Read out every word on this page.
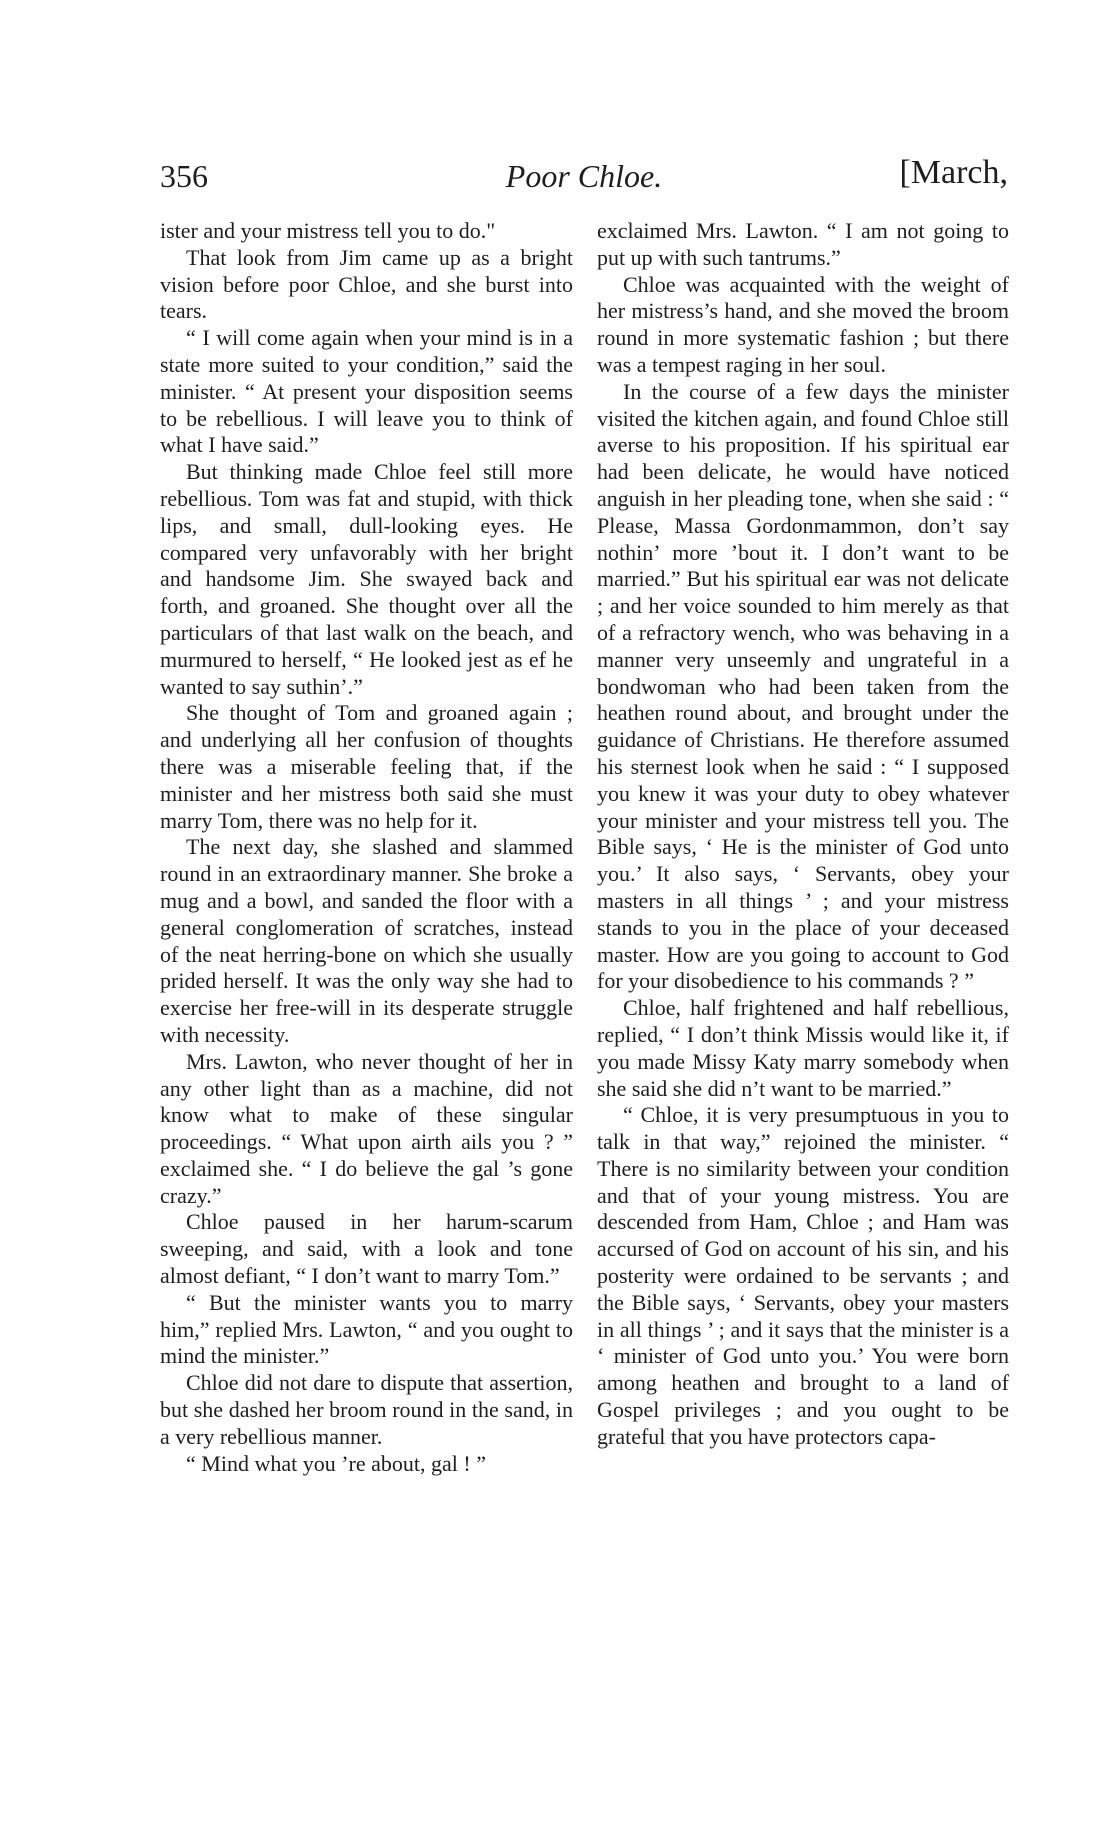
356	Poor Chloe.	[March,

ister and your mistress tell you to do."

That look from Jim came up as a bright vision before poor Chloe, and she burst into tears.

“ I will come again when your mind is in a state more suited to your condition,” said the minister. “ At present your disposition seems to be rebellious. I will leave you to think of what I have said.”

But thinking made Chloe feel still more rebellious. Tom was fat and stupid, with thick lips, and small, dull-looking eyes. He compared very unfavorably with her bright and handsome Jim. She swayed back and forth, and groaned. She thought over all the particulars of that last walk on the beach, and murmured to herself, “ He looked jest as ef he wanted to say suthin’.”

She thought of Tom and groaned again ; and underlying all her confusion of thoughts there was a miserable feeling that, if the minister and her mistress both said she must marry Tom, there was no help for it.

The next day, she slashed and slammed round in an extraordinary manner. She broke a mug and a bowl, and sanded the floor with a general conglomeration of scratches, instead of the neat herring-bone on which she usually prided herself. It was the only way she had to exercise her free-will in its desperate struggle with necessity.

Mrs. Lawton, who never thought of her in any other light than as a machine, did not know what to make of these singular proceedings. “ What upon airth ails you ? ” exclaimed she. “ I do believe the gal ’s gone crazy.”

Chloe paused in her harum-scarum sweeping, and said, with a look and tone almost defiant, “ I don’t want to marry Tom.”

“ But the minister wants you to marry him,” replied Mrs. Lawton, “ and you ought to mind the minister.”

Chloe did not dare to dispute that assertion, but she dashed her broom round in the sand, in a very rebellious manner.

“ Mind what you ’re about, gal ! ”

exclaimed Mrs. Lawton. “ I am not going to put up with such tantrums.”

Chloe was acquainted with the weight of her mistress’s hand, and she moved the broom round in more systematic fashion ; but there was a tempest raging in her soul.

In the course of a few days the minister visited the kitchen again, and found Chloe still averse to his proposition. If his spiritual ear had been delicate, he would have noticed anguish in her pleading tone, when she said : “ Please, Massa Gordonmammon, don’t say nothin’ more ’bout it. I don’t want to be married.” But his spiritual ear was not delicate ; and her voice sounded to him merely as that of a refractory wench, who was behaving in a manner very unseemly and ungrateful in a bondwoman who had been taken from the heathen round about, and brought under the guidance of Christians. He therefore assumed his sternest look when he said : “ I supposed you knew it was your duty to obey whatever your minister and your mistress tell you. The Bible says, ‘ He is the minister of God unto you.’ It also says, ‘ Servants, obey your masters in all things ’ ; and your mistress stands to you in the place of your deceased master. How are you going to account to God for your disobedience to his commands ? ”

Chloe, half frightened and half rebellious, replied, “ I don’t think Missis would like it, if you made Missy Katy marry somebody when she said she did n’t want to be married.”

“ Chloe, it is very presumptuous in you to talk in that way,” rejoined the minister. “ There is no similarity between your condition and that of your young mistress. You are descended from Ham, Chloe ; and Ham was accursed of God on account of his sin, and his posterity were ordained to be servants ; and the Bible says, ‘ Servants, obey your masters in all things ’ ; and it says that the minister is a ‘ minister of God unto you.’ You were born among heathen and brought to a land of Gospel privileges ; and you ought to be grateful that you have protectors capa-
